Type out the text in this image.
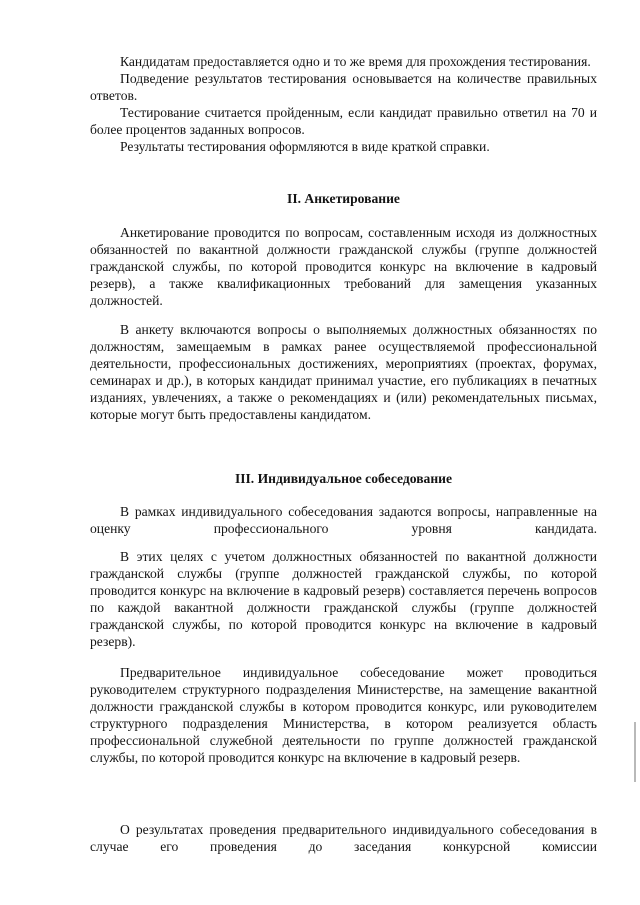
Кандидатам предоставляется одно и то же время для прохождения тестирования.

Подведение результатов тестирования основывается на количестве правильных ответов.

Тестирование считается пройденным, если кандидат правильно ответил на 70 и более процентов заданных вопросов.

Результаты тестирования оформляются в виде краткой справки.

II. Анкетирование

Анкетирование проводится по вопросам, составленным исходя из должностных обязанностей по вакантной должности гражданской службы (группе должностей гражданской службы, по которой проводится конкурс на включение в кадровый резерв), а также квалификационных требований для замещения указанных должностей.

В анкету включаются вопросы о выполняемых должностных обязанностях по должностям, замещаемым в рамках ранее осуществляемой профессиональной деятельности, профессиональных достижениях, мероприятиях (проектах, форумах, семинарах и др.), в которых кандидат принимал участие, его публикациях в печатных изданиях, увлечениях, а также о рекомендациях и (или) рекомендательных письмах, которые могут быть предоставлены кандидатом.

III. Индивидуальное собеседование

В рамках индивидуального собеседования задаются вопросы, направленные на оценку профессионального уровня кандидата.

В этих целях с учетом должностных обязанностей по вакантной должности гражданской службы (группе должностей гражданской службы, по которой проводится конкурс на включение в кадровый резерв) составляется перечень вопросов по каждой вакантной должности гражданской службы (группе должностей гражданской службы, по которой проводится конкурс на включение в кадровый резерв).

Предварительное индивидуальное собеседование может проводиться руководителем структурного подразделения Министерстве, на замещение вакантной должности гражданской службы в котором проводится конкурс, или руководителем структурного подразделения Министерства, в котором реализуется область профессиональной служебной деятельности по группе должностей гражданской службы, по которой проводится конкурс на включение в кадровый резерв.

О результатах проведения предварительного индивидуального собеседования в случае его проведения до заседания конкурсной комиссии
